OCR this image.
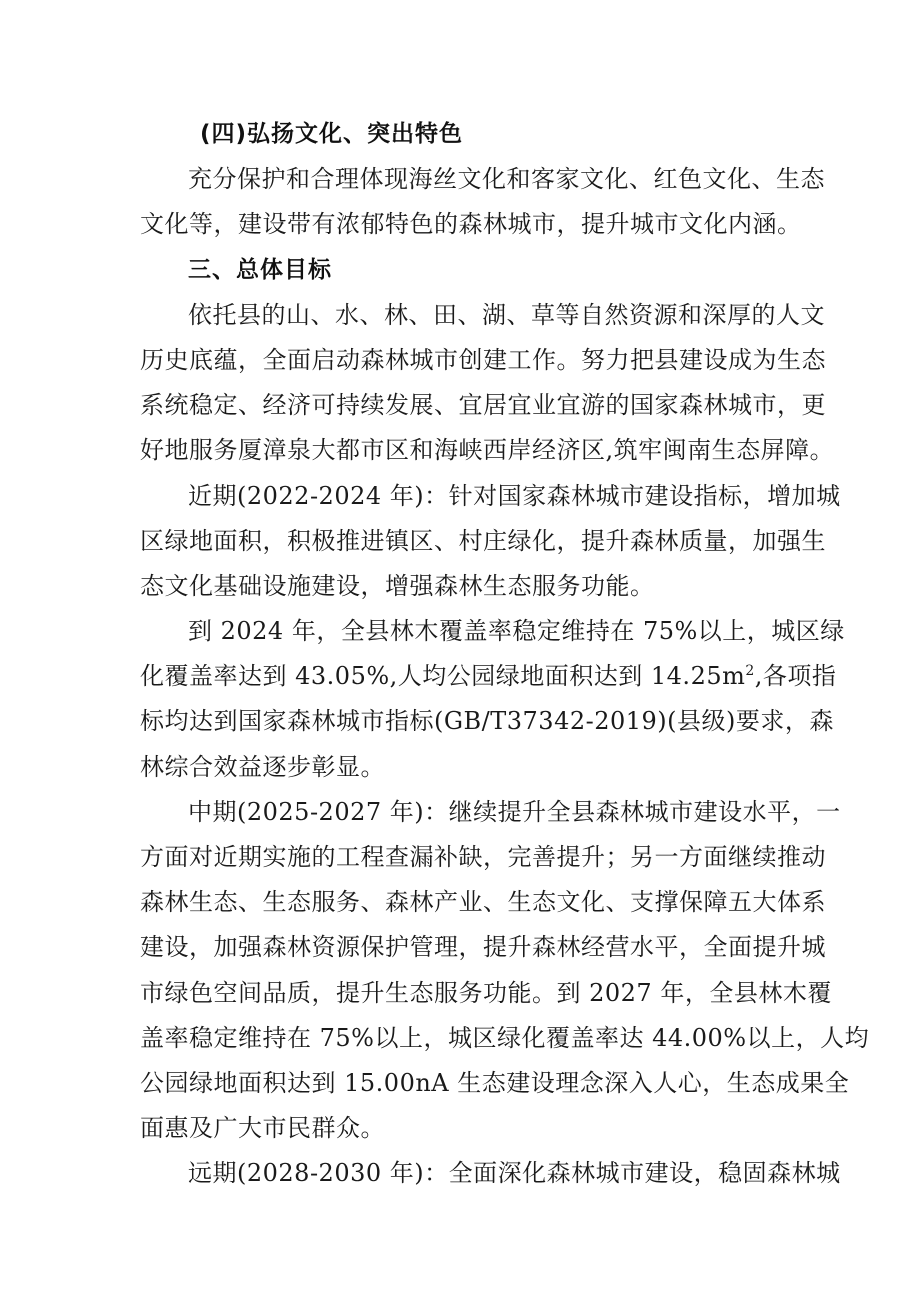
(四)弘扬文化、突出特色
充分保护和合理体现海丝文化和客家文化、红色文化、生态
文化等，建设带有浓郁特色的森林城市，提升城市文化内涵。
三、总体目标
依托县的山、水、林、田、湖、草等自然资源和深厚的人文
历史底蕴，全面启动森林城市创建工作。努力把县建设成为生态
系统稳定、经济可持续发展、宜居宜业宜游的国家森林城市，更
好地服务厦漳泉大都市区和海峡西岸经济区,筑牢闽南生态屏障。
近期(2022-2024 年)：针对国家森林城市建设指标，增加城
区绿地面积，积极推进镇区、村庄绿化，提升森林质量，加强生
态文化基础设施建设，增强森林生态服务功能。
到 2024 年，全县林木覆盖率稳定维持在 75%以上，城区绿
化覆盖率达到 43.05%,人均公园绿地面积达到 $14.25m^2$,各项指
标均达到国家森林城市指标(GB/T37342-2019)(县级)要求，森
林综合效益逐步彰显。
中期(2025-2027 年)：继续提升全县森林城市建设水平，一
方面对近期实施的工程查漏补缺，完善提升；另一方面继续推动
森林生态、生态服务、森林产业、生态文化、支撑保障五大体系
建设，加强森林资源保护管理，提升森林经营水平，全面提升城
市绿色空间品质，提升生态服务功能。到 2027 年，全县林木覆
盖率稳定维持在 75%以上，城区绿化覆盖率达 44.00%以上，人均
公园绿地面积达到 15.00nA 生态建设理念深入人心，生态成果全
面惠及广大市民群众。
远期(2028-2030 年)：全面深化森林城市建设，稳固森林城
